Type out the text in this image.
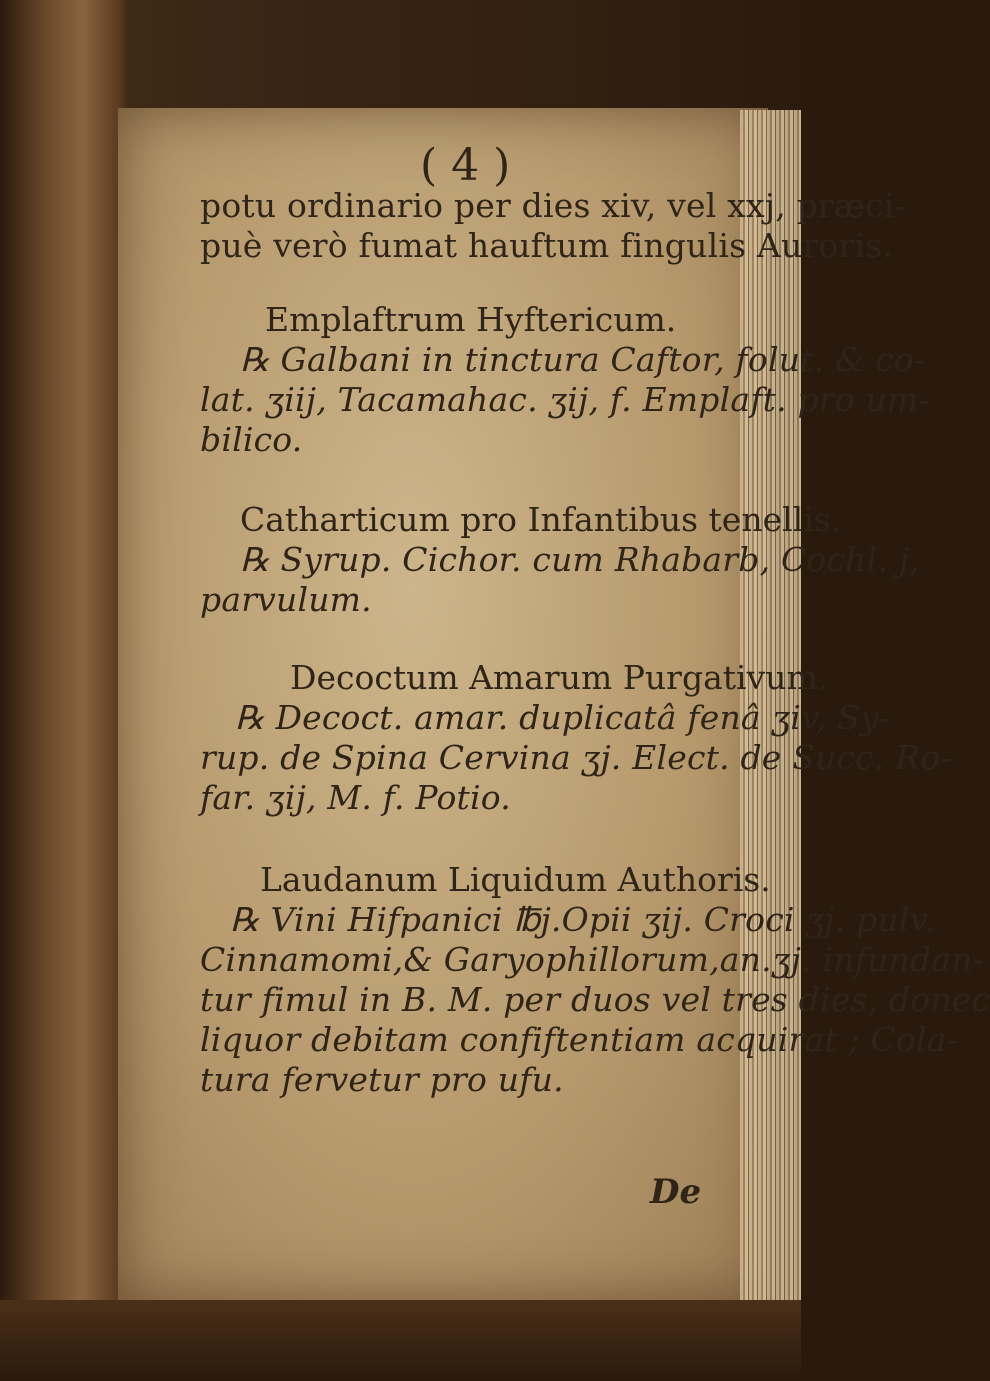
( 4 )
potu ordinario per dies xiv, vel xxj, præci-
puè verò fumat hauftum fingulis Auroris.
Emplaftrum Hyftericum.
℞ Galbani in tinctura Caftor, folut. & co-
lat. ʒiij, Tacamahac. ʒij, f. Emplaft. pro um-
bilico.
Catharticum pro Infantibus tenellis.
℞ Syrup. Cichor. cum Rhabarb, Cochl. j,
parvulum.
Decoctum Amarum Purgativum.
℞ Decoct. amar. duplicatâ fenâ ʒiv, Sy-
rup. de Spina Cervina ʒj. Elect. de Succ. Ro-
far. ʒij, M. f. Potio.
Laudanum Liquidum Authoris.
℞ Vini Hifpanici ℔j.Opii ʒij. Croci ʒj. pulv.
Cinnamomi,& Garyophillorum,an.ʒj. infundan-
tur fimul in B. M. per duos vel tres dies, donec
liquor debitam confiftentiam acquirat ; Cola-
tura fervetur pro ufu.
De
